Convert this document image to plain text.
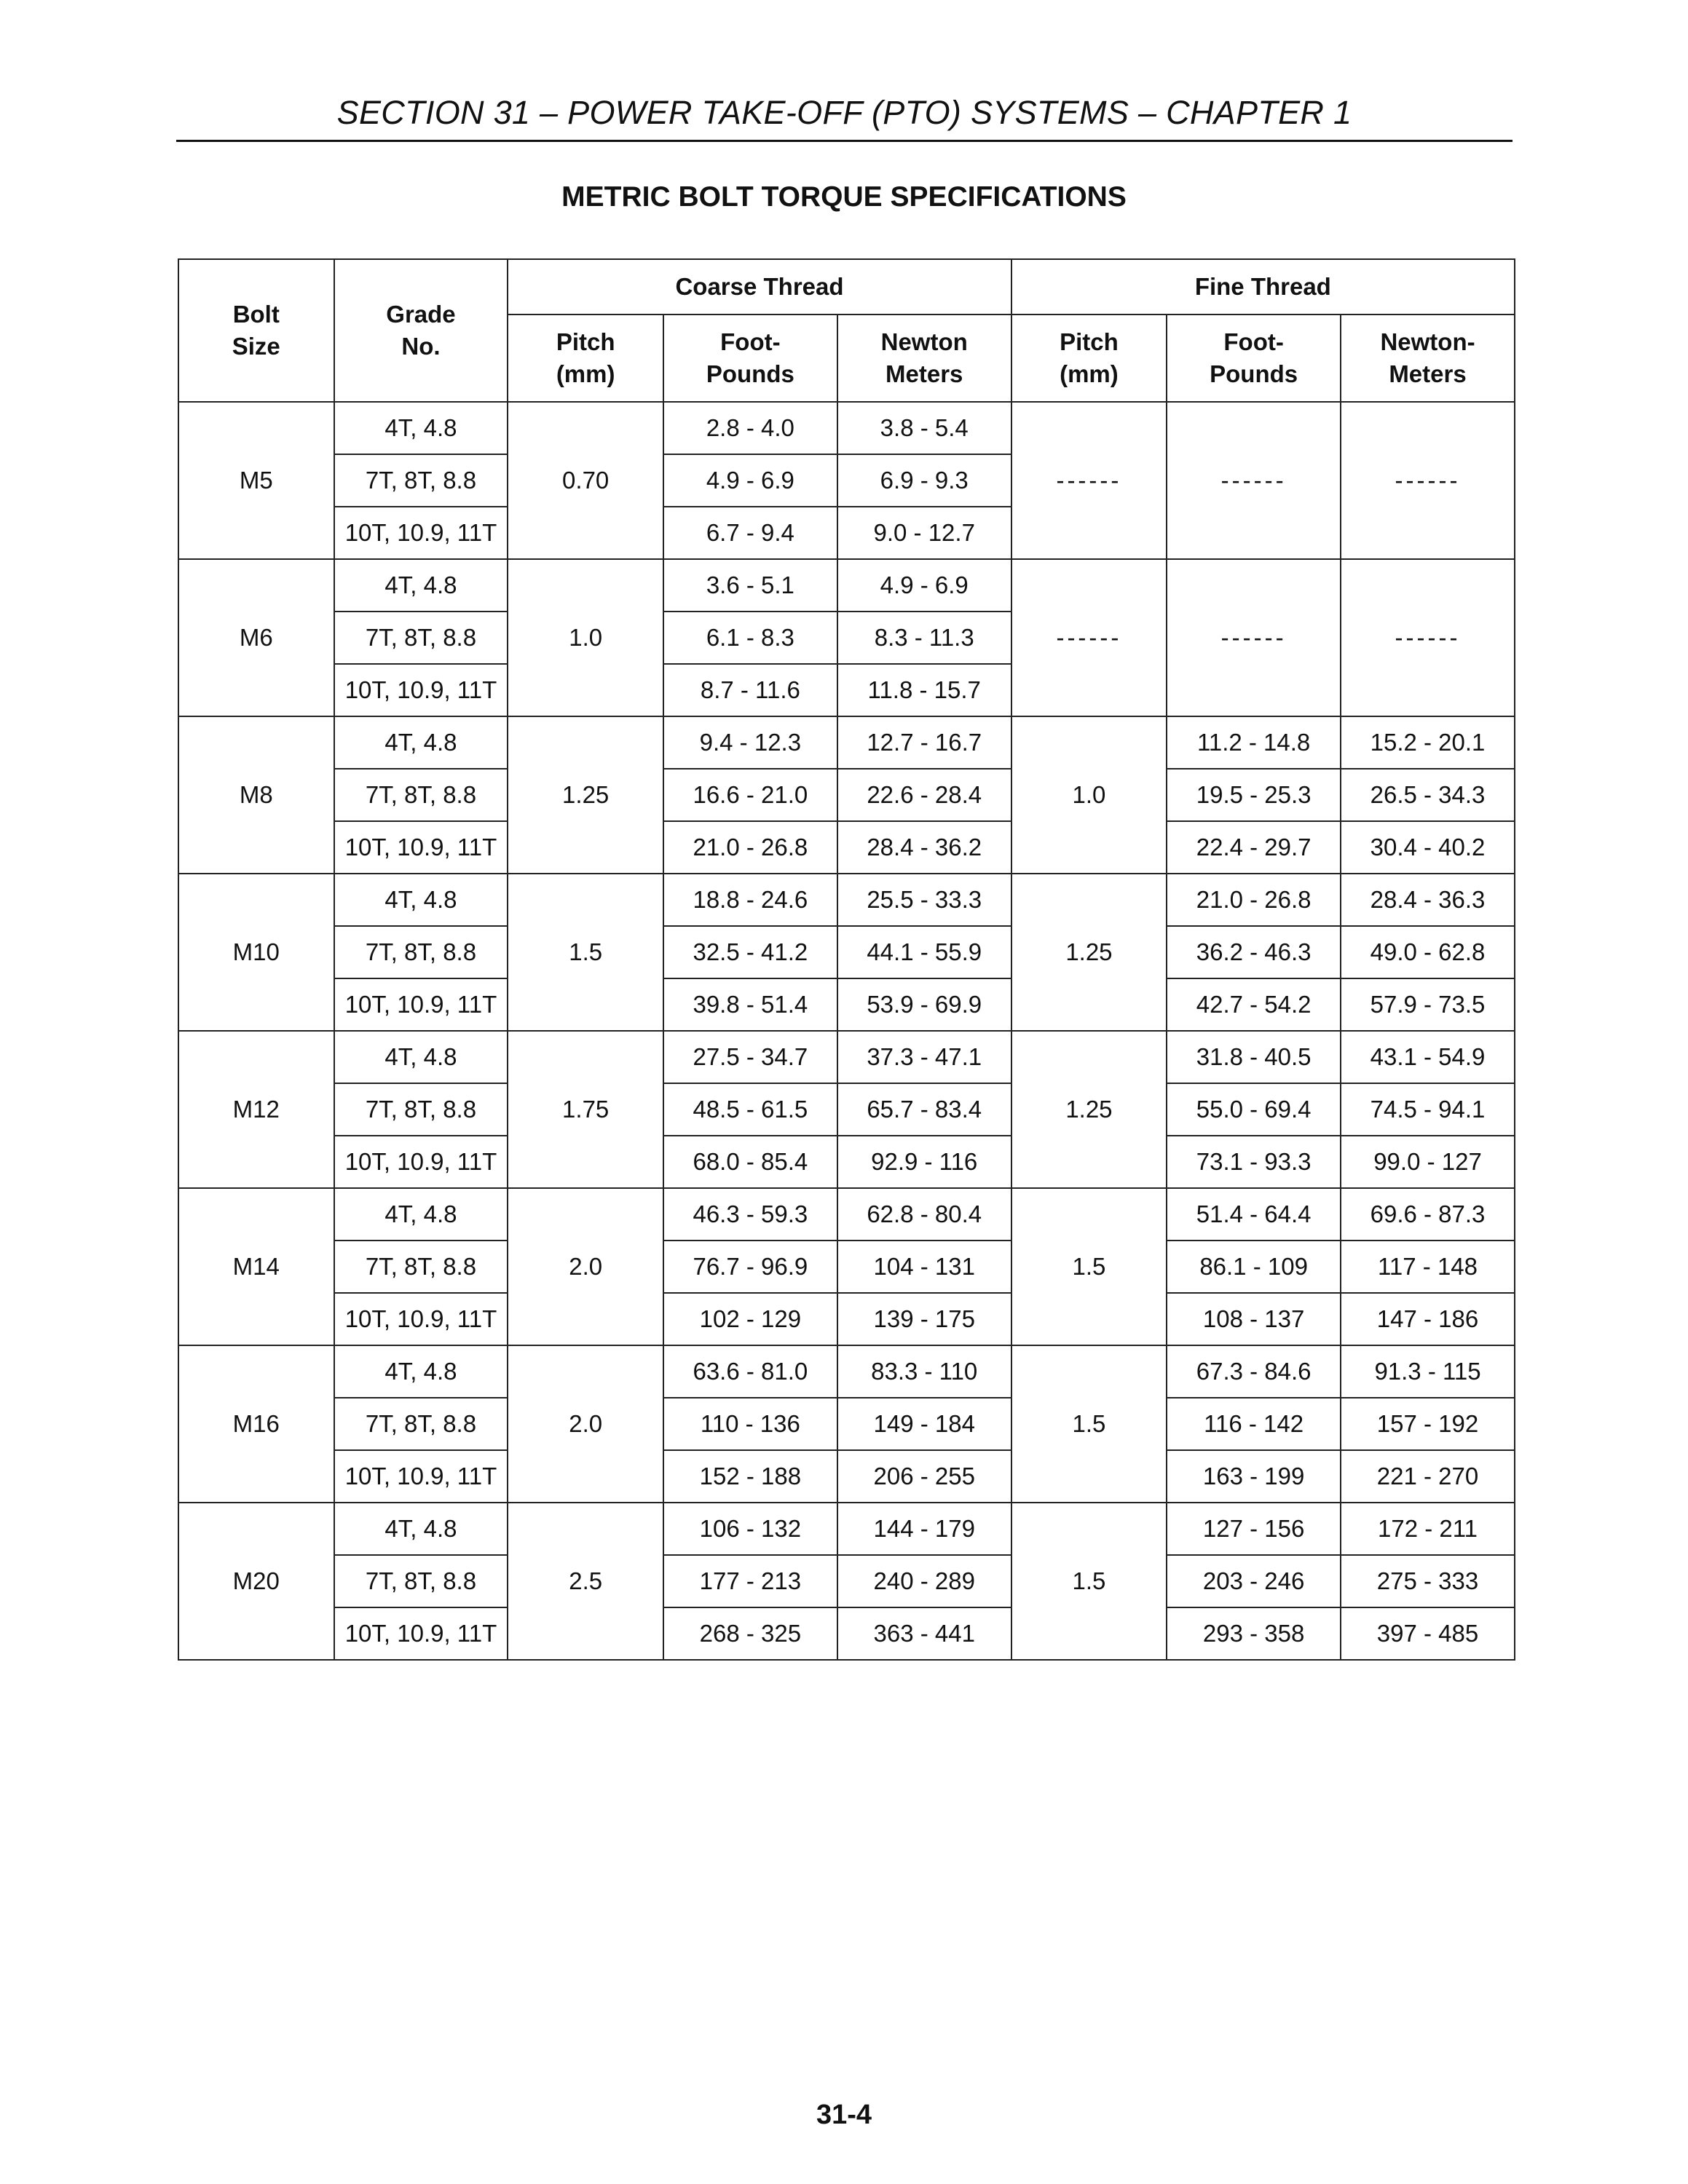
SECTION 31 – POWER TAKE-OFF (PTO) SYSTEMS – CHAPTER 1
METRIC BOLT TORQUE SPECIFICATIONS
Bolt Size	Grade No.	Coarse Thread			Fine Thread		
		Pitch (mm)	Foot- Pounds	Newton Meters	Pitch (mm)	Foot- Pounds	Newton- Meters
M5	4T, 4.8	0.70	2.8 - 4.0	3.8 - 5.4	------	------	------
	7T, 8T, 8.8		4.9 - 6.9	6.9 - 9.3			
	10T, 10.9, 11T		6.7 - 9.4	9.0 - 12.7			
M6	4T, 4.8	1.0	3.6 - 5.1	4.9 - 6.9	------	------	------
	7T, 8T, 8.8		6.1 - 8.3	8.3 - 11.3			
	10T, 10.9, 11T		8.7 - 11.6	11.8 - 15.7			
M8	4T, 4.8	1.25	9.4 - 12.3	12.7 - 16.7	1.0	11.2 - 14.8	15.2 - 20.1
	7T, 8T, 8.8		16.6 - 21.0	22.6 - 28.4		19.5 - 25.3	26.5 - 34.3
	10T, 10.9, 11T		21.0 - 26.8	28.4 - 36.2		22.4 - 29.7	30.4 - 40.2
M10	4T, 4.8	1.5	18.8 - 24.6	25.5 - 33.3	1.25	21.0 - 26.8	28.4 - 36.3
	7T, 8T, 8.8		32.5 - 41.2	44.1 - 55.9		36.2 - 46.3	49.0 - 62.8
	10T, 10.9, 11T		39.8 - 51.4	53.9 - 69.9		42.7 - 54.2	57.9 - 73.5
M12	4T, 4.8	1.75	27.5 - 34.7	37.3 - 47.1	1.25	31.8 - 40.5	43.1 - 54.9
	7T, 8T, 8.8		48.5 - 61.5	65.7 - 83.4		55.0 - 69.4	74.5 - 94.1
	10T, 10.9, 11T		68.0 - 85.4	92.9 - 116		73.1 - 93.3	99.0 - 127
M14	4T, 4.8	2.0	46.3 - 59.3	62.8 - 80.4	1.5	51.4 - 64.4	69.6 - 87.3
	7T, 8T, 8.8		76.7 - 96.9	104 - 131		86.1 - 109	117 - 148
	10T, 10.9, 11T		102 - 129	139 - 175		108 - 137	147 - 186
M16	4T, 4.8	2.0	63.6 - 81.0	83.3 - 110	1.5	67.3 - 84.6	91.3 - 115
	7T, 8T, 8.8		110 - 136	149 - 184		116 - 142	157 - 192
	10T, 10.9, 11T		152 - 188	206 - 255		163 - 199	221 - 270
M20	4T, 4.8	2.5	106 - 132	144 - 179	1.5	127 - 156	172 - 211
	7T, 8T, 8.8		177 - 213	240 - 289		203 - 246	275 - 333
	10T, 10.9, 11T		268 - 325	363 - 441		293 - 358	397 - 485
31-4
